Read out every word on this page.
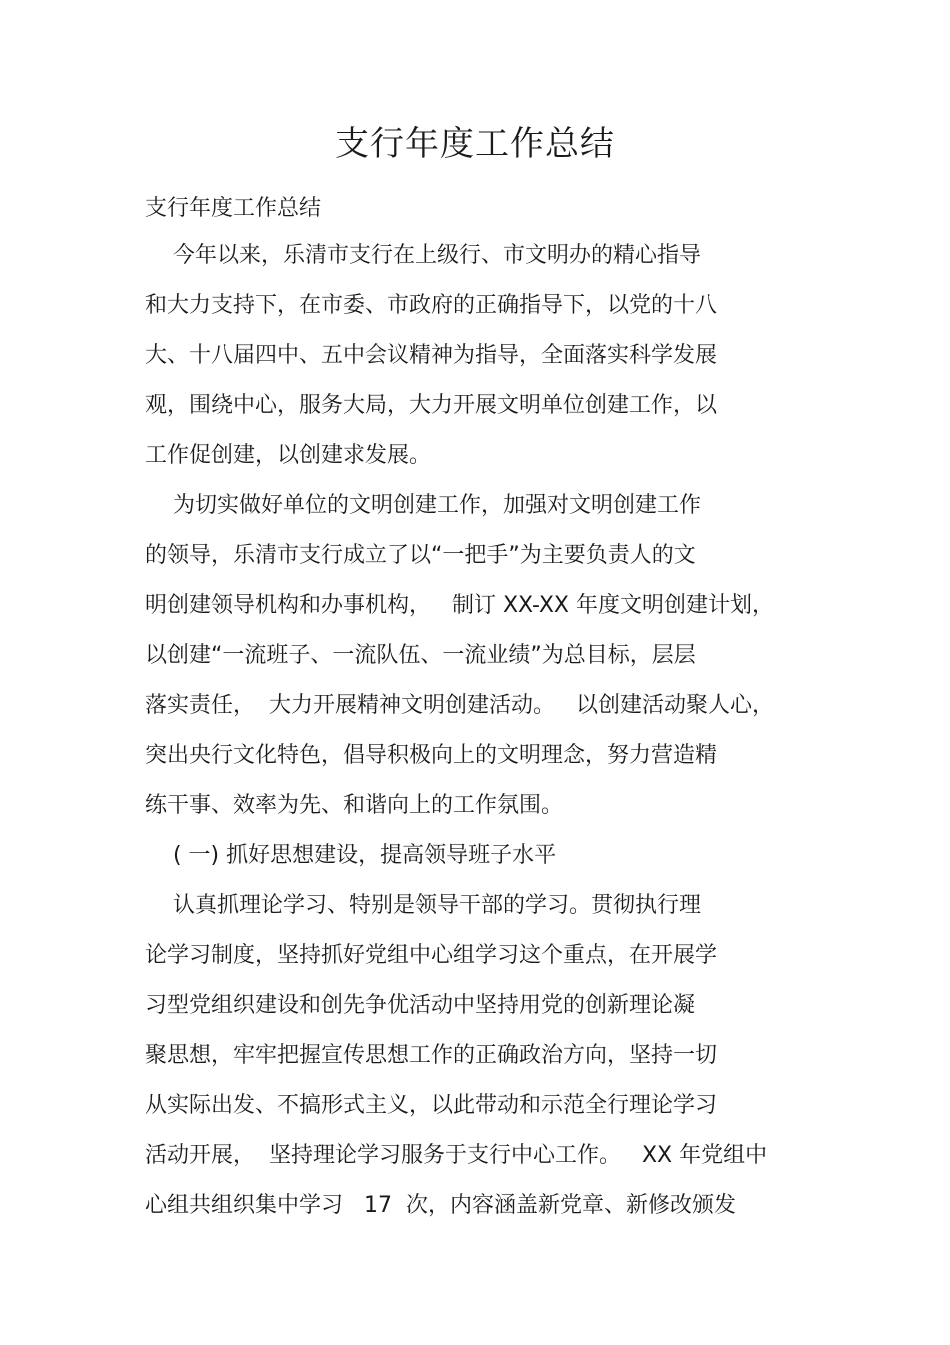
支行年度工作总结
支行年度工作总结
今年以来，乐清市支行在上级行、市文明办的精心指导
和大力支持下，在市委、市政府的正确指导下，以党的十八
大、十八届四中、五中会议精神为指导，全面落实科学发展
观，围绕中心，服务大局，大力开展文明单位创建工作，以
工作促创建，以创建求发展。
为切实做好单位的文明创建工作，加强对文明创建工作
的领导，乐清市支行成立了以“一把手”为主要负责人的文
明创建领导机构和办事机构，   制订 XX-XX 年度文明创建计划，
以创建“一流班子、一流队伍、一流业绩”为总目标，层层
落实责任，  大力开展精神文明创建活动。   以创建活动聚人心，
突出央行文化特色，倡导积极向上的文明理念，努力营造精
练干事、效率为先、和谐向上的工作氛围。
( 一) 抓好思想建设，提高领导班子水平
认真抓理论学习、特别是领导干部的学习。贯彻执行理
论学习制度，坚持抓好党组中心组学习这个重点，在开展学
习型党组织建设和创先争优活动中坚持用党的创新理论凝
聚思想，牢牢把握宣传思想工作的正确政治方向，坚持一切
从实际出发、不搞形式主义，以此带动和示范全行理论学习
活动开展，  坚持理论学习服务于支行中心工作。   XX 年党组中
心组共组织集中学习   17  次，内容涵盖新党章、新修改颁发
